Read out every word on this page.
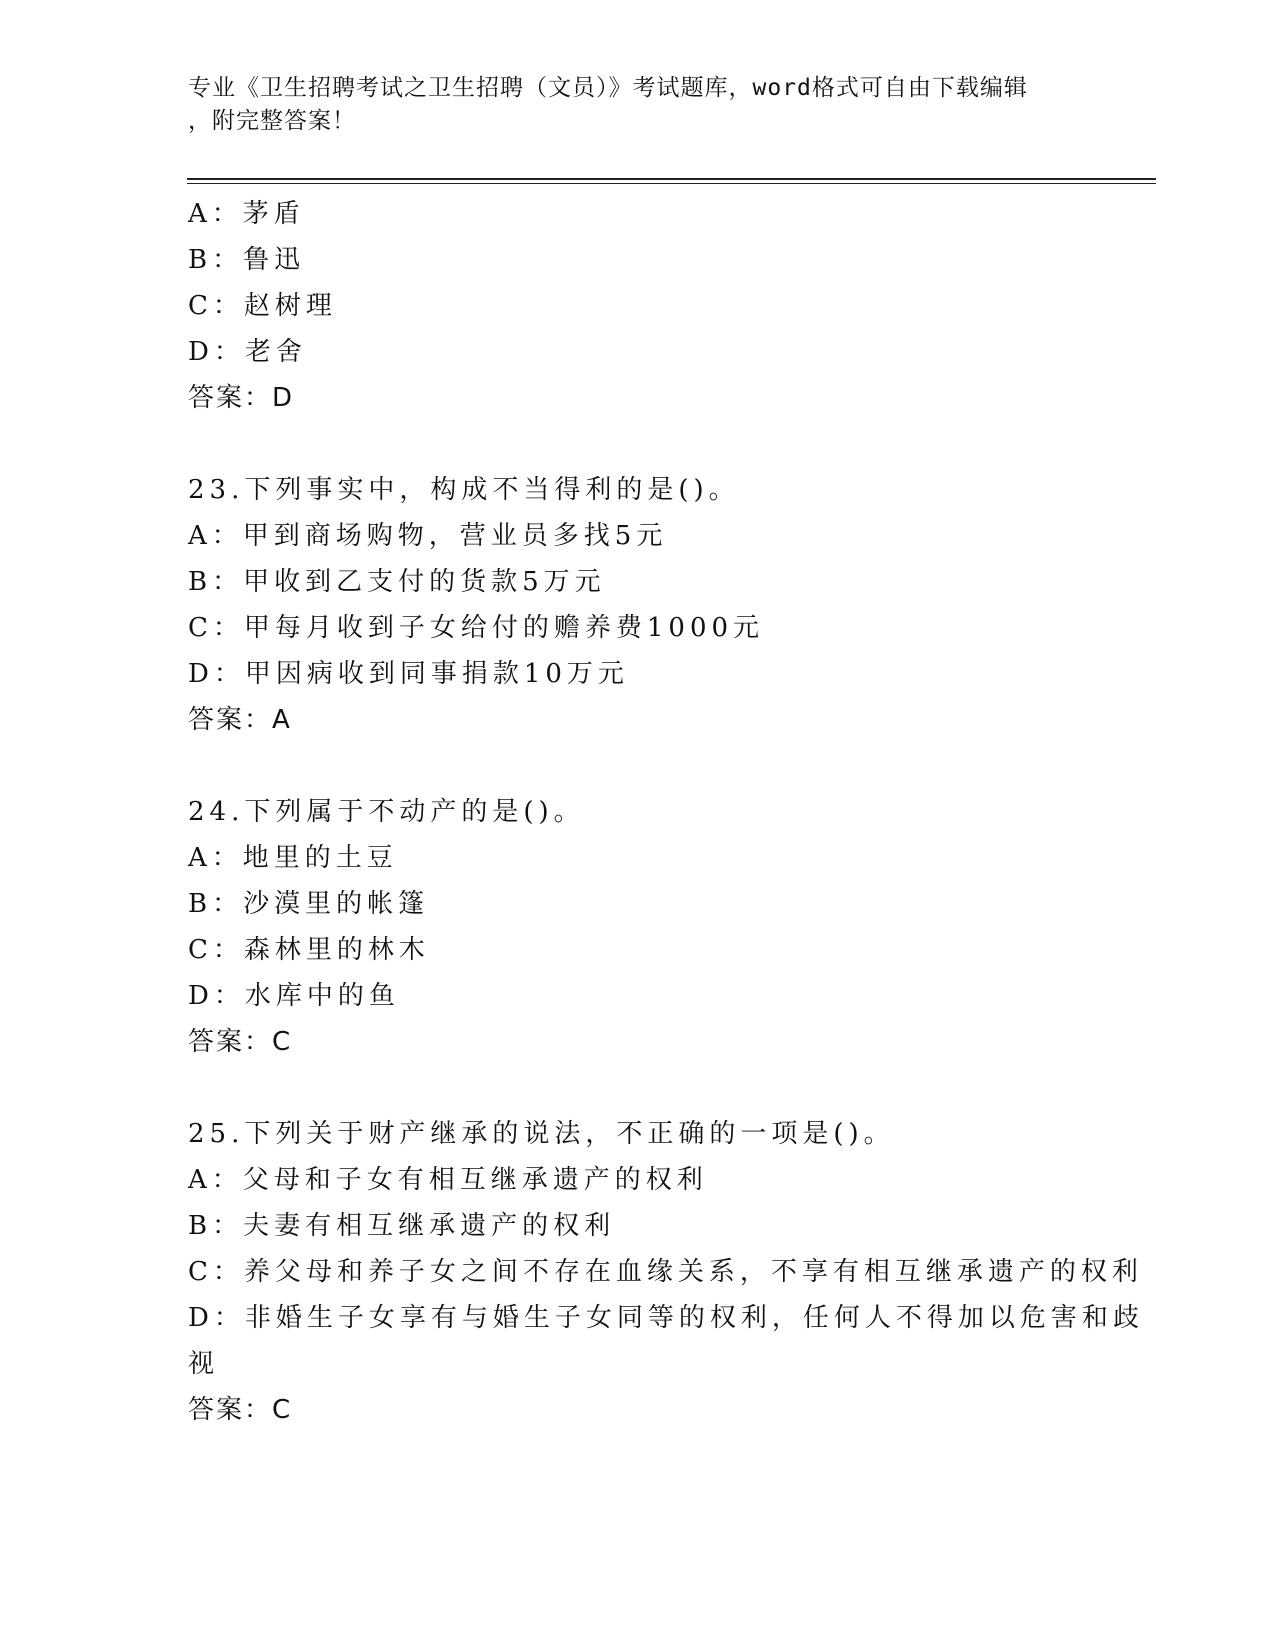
专业《卫生招聘考试之卫生招聘（文员）》考试题库，word格式可自由下载编辑
，附完整答案！
A：茅盾
B：鲁迅
C：赵树理
D：老舍
答案：D
23.下列事实中，构成不当得利的是()。
A：甲到商场购物，营业员多找5元
B：甲收到乙支付的货款5万元
C：甲每月收到子女给付的赡养费1000元
D：甲因病收到同事捐款10万元
答案：A
24.下列属于不动产的是()。
A：地里的土豆
B：沙漠里的帐篷
C：森林里的林木
D：水库中的鱼
答案：C
25.下列关于财产继承的说法，不正确的一项是()。
A：父母和子女有相互继承遗产的权利
B：夫妻有相互继承遗产的权利
C：养父母和养子女之间不存在血缘关系，不享有相互继承遗产的权利
D：非婚生子女享有与婚生子女同等的权利，任何人不得加以危害和歧
视
答案：C
